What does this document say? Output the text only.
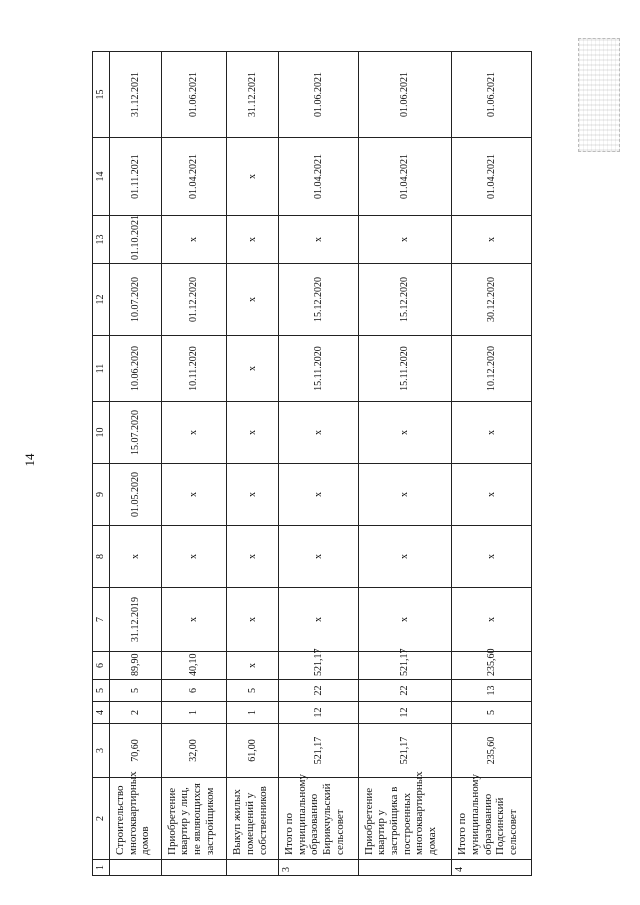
14
1	2	3	4	5	6	7	8	9	10	11	12	13	14	15
	Строительство многоквартирных домов	70,60	2	5	89,90	31.12.2019	x	01.05.2020	15.07.2020	10.06.2020	10.07.2020	01.10.2021	01.11.2021	31.12.2021
	Приобретение квартир у лиц, не являющихся застройщиком	32,00	1	6	40,10	x	x	x	x	10.11.2020	01.12.2020	x	01.04.2021	01.06.2021
	Выкуп жилых помещений у собственников	61,00	1	5	x	x	x	x	x	x	x	x	x	31.12.2021
3	Итого по муниципальному образованию Бирикчульский сельсовет	521,17	12	22	521,17	x	x	x	x	15.11.2020	15.12.2020	x	01.04.2021	01.06.2021
	Приобретение квартир у застройщика в построенных многоквартирных домах	521,17	12	22	521,17	x	x	x	x	15.11.2020	15.12.2020	x	01.04.2021	01.06.2021
4	Итого по муниципальному образованию Подсинский сельсовет	235,60	5	13	235,60	x	x	x	x	10.12.2020	30.12.2020	x	01.04.2021	01.06.2021
